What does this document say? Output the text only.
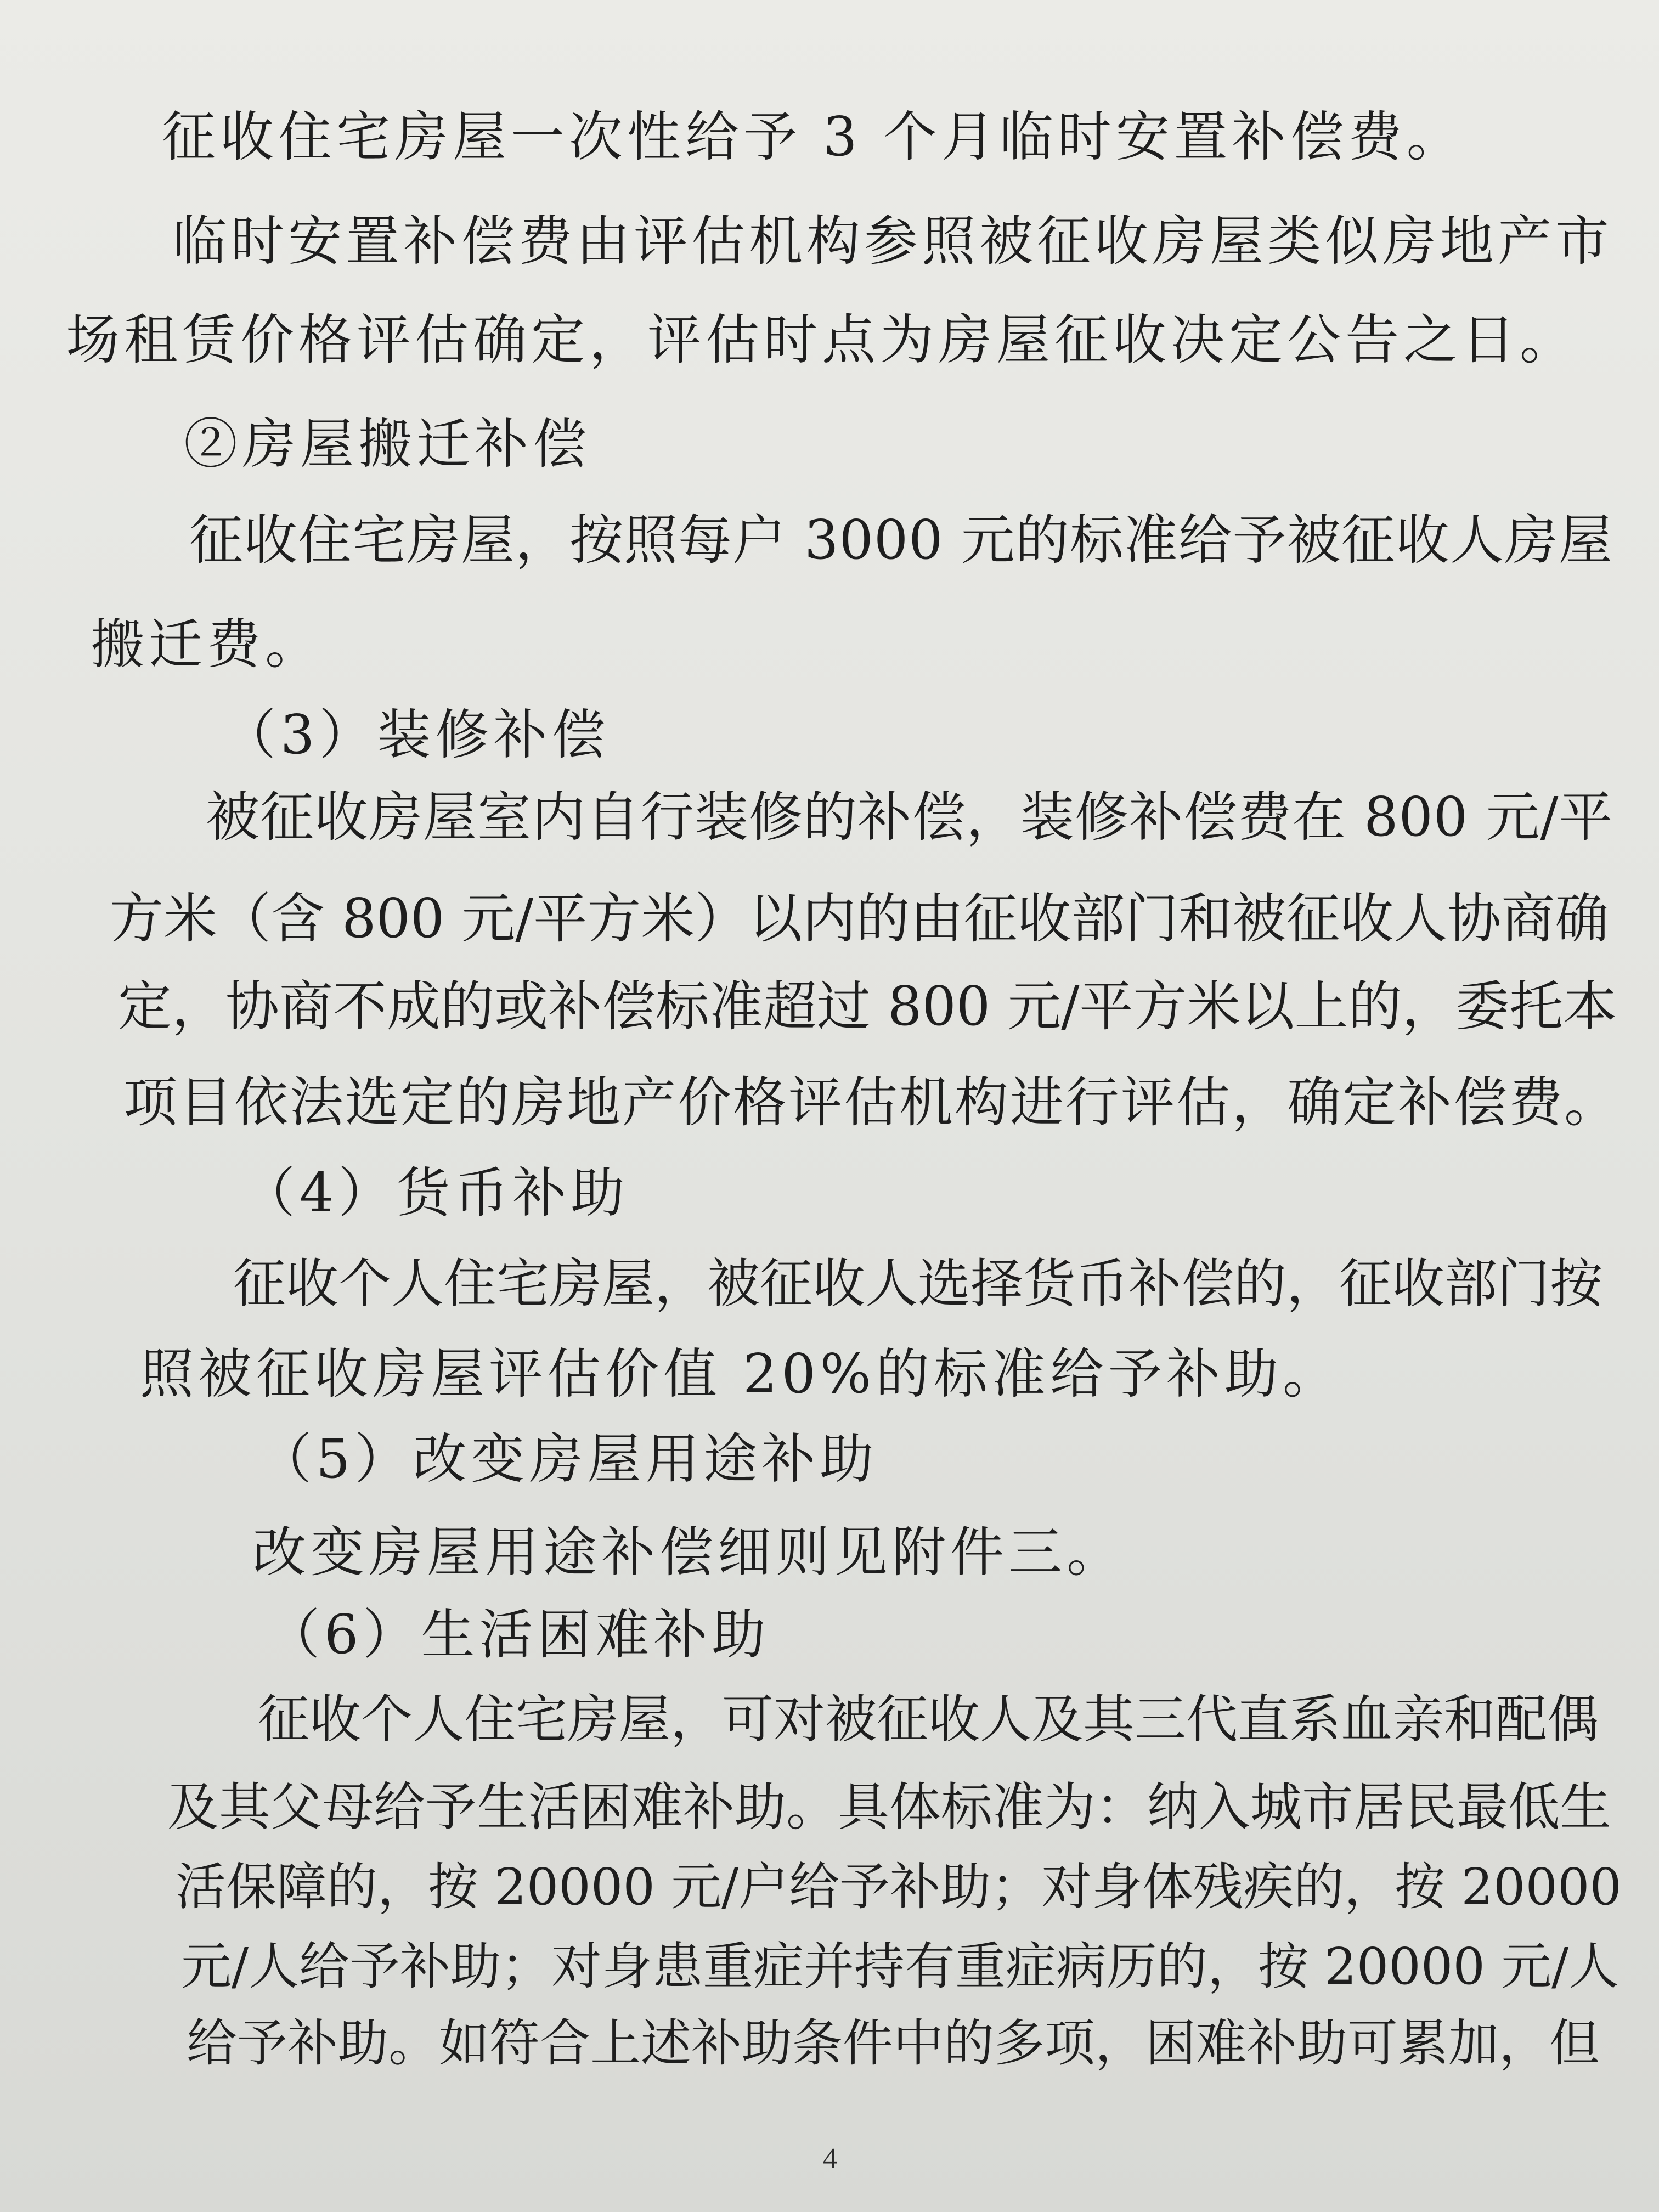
征收住宅房屋一次性给予 3 个月临时安置补偿费。
临时安置补偿费由评估机构参照被征收房屋类似房地产市
场租赁价格评估确定，评估时点为房屋征收决定公告之日。
②房屋搬迁补偿
征收住宅房屋，按照每户 3000 元的标准给予被征收人房屋
搬迁费。
（3）装修补偿
被征收房屋室内自行装修的补偿，装修补偿费在 800 元/平
方米（含 800 元/平方米）以内的由征收部门和被征收人协商确
定，协商不成的或补偿标准超过 800 元/平方米以上的，委托本
项目依法选定的房地产价格评估机构进行评估，确定补偿费。
（4）货币补助
征收个人住宅房屋，被征收人选择货币补偿的，征收部门按
照被征收房屋评估价值 20%的标准给予补助。
（5）改变房屋用途补助
改变房屋用途补偿细则见附件三。
（6）生活困难补助
征收个人住宅房屋，可对被征收人及其三代直系血亲和配偶
及其父母给予生活困难补助。具体标准为：纳入城市居民最低生
活保障的，按 20000 元/户给予补助；对身体残疾的，按 20000
元/人给予补助；对身患重症并持有重症病历的，按 20000 元/人
给予补助。如符合上述补助条件中的多项，困难补助可累加，但
4
